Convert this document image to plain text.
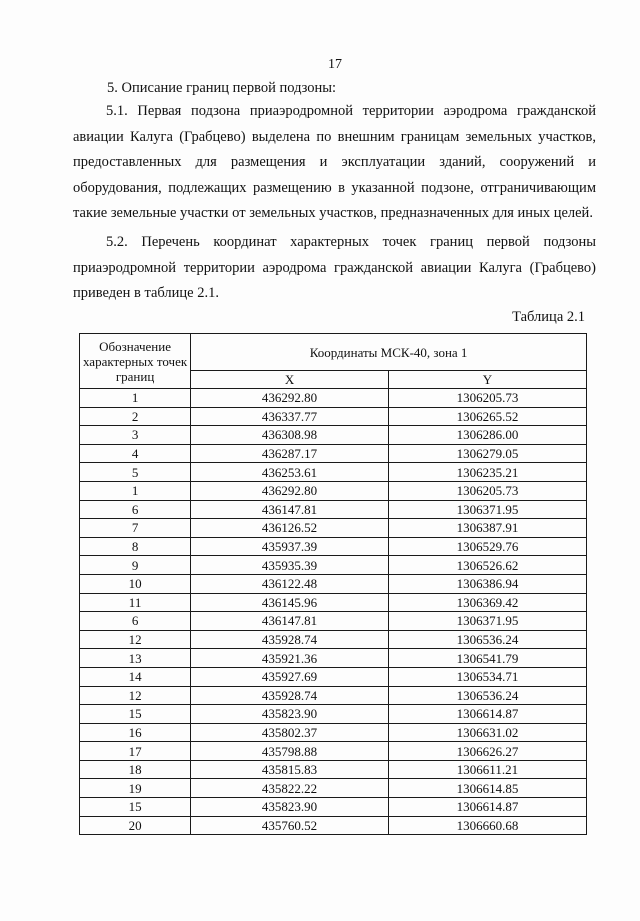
17
5. Описание границ первой подзоны:
5.1. Первая подзона приаэродромной территории аэродрома гражданской авиации Калуга (Грабцево) выделена по внешним границам земельных участков, предоставленных для размещения и эксплуатации зданий, сооружений и оборудования, подлежащих размещению в указанной подзоне, отграничивающим такие земельные участки от земельных участков, предназначенных для иных целей.
5.2. Перечень координат характерных точек границ первой подзоны приаэродромной территории аэродрома гражданской авиации Калуга (Грабцево) приведен в таблице 2.1.
Таблица 2.1
Обозначение характерных точек границ	Координаты МСК-40, зона 1	
	X	Y
1	436292.80	1306205.73
2	436337.77	1306265.52
3	436308.98	1306286.00
4	436287.17	1306279.05
5	436253.61	1306235.21
1	436292.80	1306205.73
6	436147.81	1306371.95
7	436126.52	1306387.91
8	435937.39	1306529.76
9	435935.39	1306526.62
10	436122.48	1306386.94
11	436145.96	1306369.42
6	436147.81	1306371.95
12	435928.74	1306536.24
13	435921.36	1306541.79
14	435927.69	1306534.71
12	435928.74	1306536.24
15	435823.90	1306614.87
16	435802.37	1306631.02
17	435798.88	1306626.27
18	435815.83	1306611.21
19	435822.22	1306614.85
15	435823.90	1306614.87
20	435760.52	1306660.68
